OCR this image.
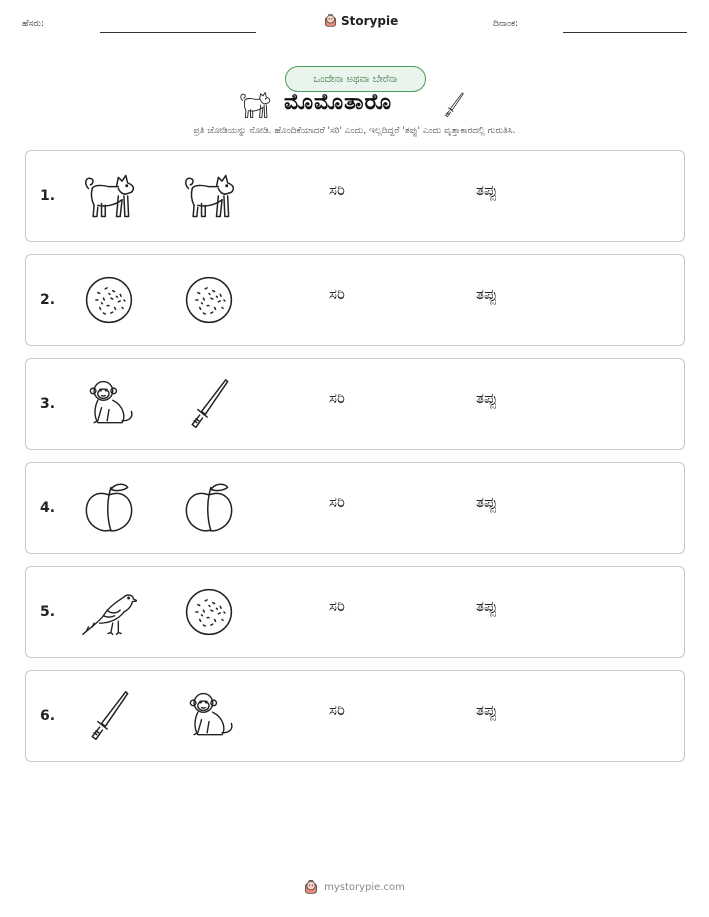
ಹೆಸರು:	Storypie	ದಿನಾಂಕ:
ಒಂದೇನಾ ಅಥವಾ ಬೇರೆನಾ
ಮೊಮೊತಾರೊ
ಪ್ರತಿ ಜೋಡಿಯನ್ನು ನೋಡಿ. ಹೊಂದಿಕೆಯಾದರೆ 'ಸರಿ' ಎಂದು, ಇಲ್ಲದಿದ್ದರೆ 'ತಪ್ಪು' ಎಂದು ವೃತ್ತಾಕಾರದಲ್ಲಿ ಗುರುತಿಸಿ.
1.	ಸರಿ	ತಪ್ಪು
2.	ಸರಿ	ತಪ್ಪು
3.	ಸರಿ	ತಪ್ಪು
4.	ಸರಿ	ತಪ್ಪು
5.	ಸರಿ	ತಪ್ಪು
6.	ಸರಿ	ತಪ್ಪು
mystorypie.com
